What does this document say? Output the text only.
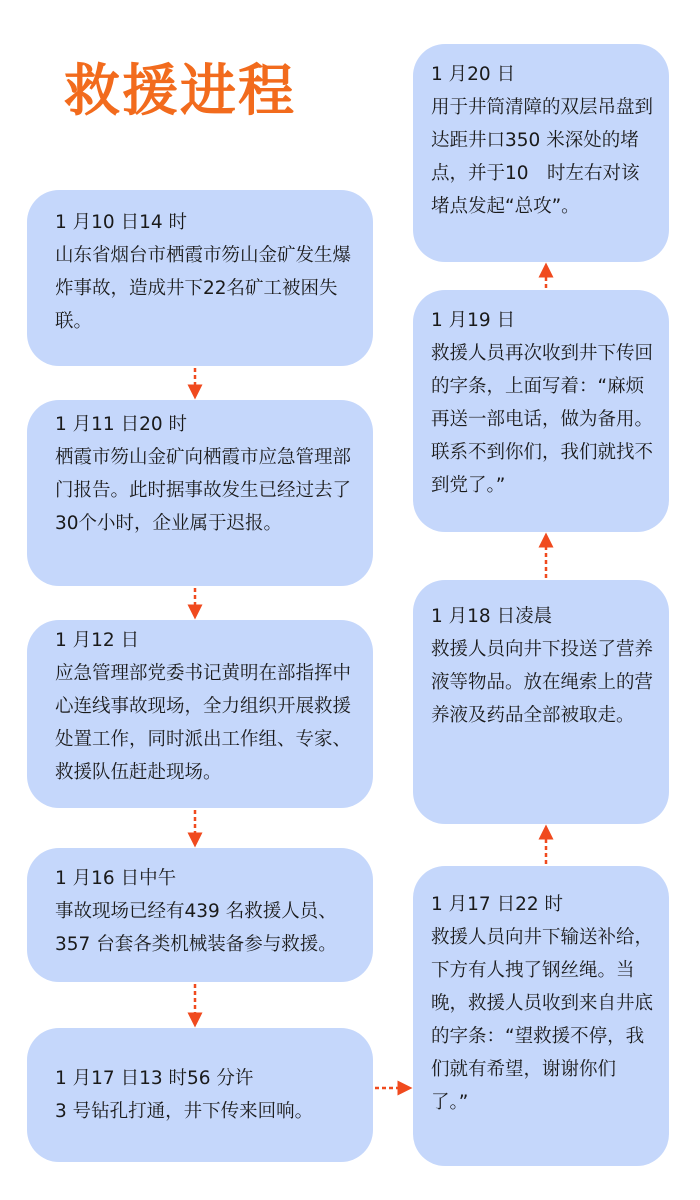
救援进程
1 月10 日14 时
山东省烟台市栖霞市笏山金矿发生爆炸事故，造成井下22名矿工被困失联。
1 月11 日20 时
栖霞市笏山金矿向栖霞市应急管理部门报告。此时据事故发生已经过去了30个小时，企业属于迟报。
1 月12 日
应急管理部党委书记黄明在部指挥中心连线事故现场，全力组织开展救援处置工作，同时派出工作组、专家、救援队伍赶赴现场。
1 月16 日中午
事故现场已经有439 名救援人员、357 台套各类机械装备参与救援。
1 月17 日13 时56 分许
3 号钻孔打通，井下传来回响。
1 月17 日22 时
救援人员向井下输送补给，下方有人拽了钢丝绳。当晚，救援人员收到来自井底的字条：“望救援不停，我们就有希望，谢谢你们了。”
1 月18 日凌晨
救援人员向井下投送了营养液等物品。放在绳索上的营养液及药品全部被取走。
1 月19 日
救援人员再次收到井下传回的字条，上面写着：“麻烦再送一部电话，做为备用。联系不到你们，我们就找不到党了。”
1 月20 日
用于井筒清障的双层吊盘到达距井口350 米深处的堵点，并于10　时左右对该堵点发起“总攻”。
